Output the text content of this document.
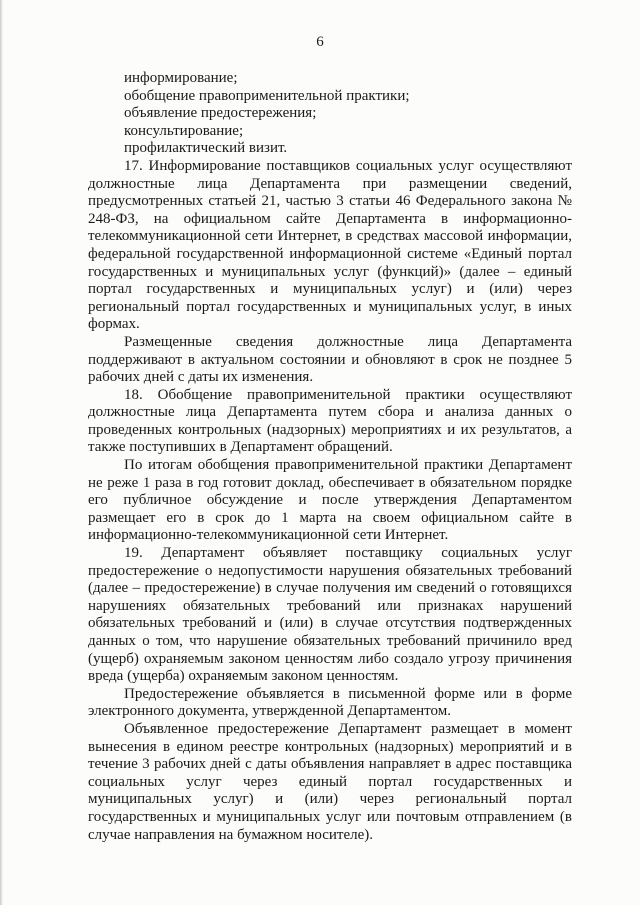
6

информирование;

обобщение правоприменительной практики;

объявление предостережения;

консультирование;

профилактический визит.

17. Информирование поставщиков социальных услуг осуществляют должностные лица Департамента при размещении сведений, предусмотренных статьей 21, частью 3 статьи 46 Федерального закона № 248-ФЗ, на официальном сайте Департамента в информационно-телекоммуникационной сети Интернет, в средствах массовой информации, федеральной государственной информационной системе «Единый портал государственных и муниципальных услуг (функций)» (далее – единый портал государственных и муниципальных услуг) и (или) через региональный портал государственных и муниципальных услуг, в иных формах.

Размещенные сведения должностные лица Департамента поддерживают в актуальном состоянии и обновляют в срок не позднее 5 рабочих дней с даты их изменения.

18. Обобщение правоприменительной практики осуществляют должностные лица Департамента путем сбора и анализа данных о проведенных контрольных (надзорных) мероприятиях и их результатов, а также поступивших в Департамент обращений.

По итогам обобщения правоприменительной практики Департамент не реже 1 раза в год готовит доклад, обеспечивает в обязательном порядке его публичное обсуждение и после утверждения Департаментом размещает его в срок до 1 марта на своем официальном сайте в информационно-телекоммуникационной сети Интернет.

19. Департамент объявляет поставщику социальных услуг предостережение о недопустимости нарушения обязательных требований (далее – предостережение) в случае получения им сведений о готовящихся нарушениях обязательных требований или признаках нарушений обязательных требований и (или) в случае отсутствия подтвержденных данных о том, что нарушение обязательных требований причинило вред (ущерб) охраняемым законом ценностям либо создало угрозу причинения вреда (ущерба) охраняемым законом ценностям.

Предостережение объявляется в письменной форме или в форме электронного документа, утвержденной Департаментом.

Объявленное предостережение Департамент размещает в момент вынесения в едином реестре контрольных (надзорных) мероприятий и в течение 3 рабочих дней с даты объявления направляет в адрес поставщика социальных услуг через единый портал государственных и муниципальных услуг) и (или) через региональный портал государственных и муниципальных услуг или почтовым отправлением (в случае направления на бумажном носителе).
